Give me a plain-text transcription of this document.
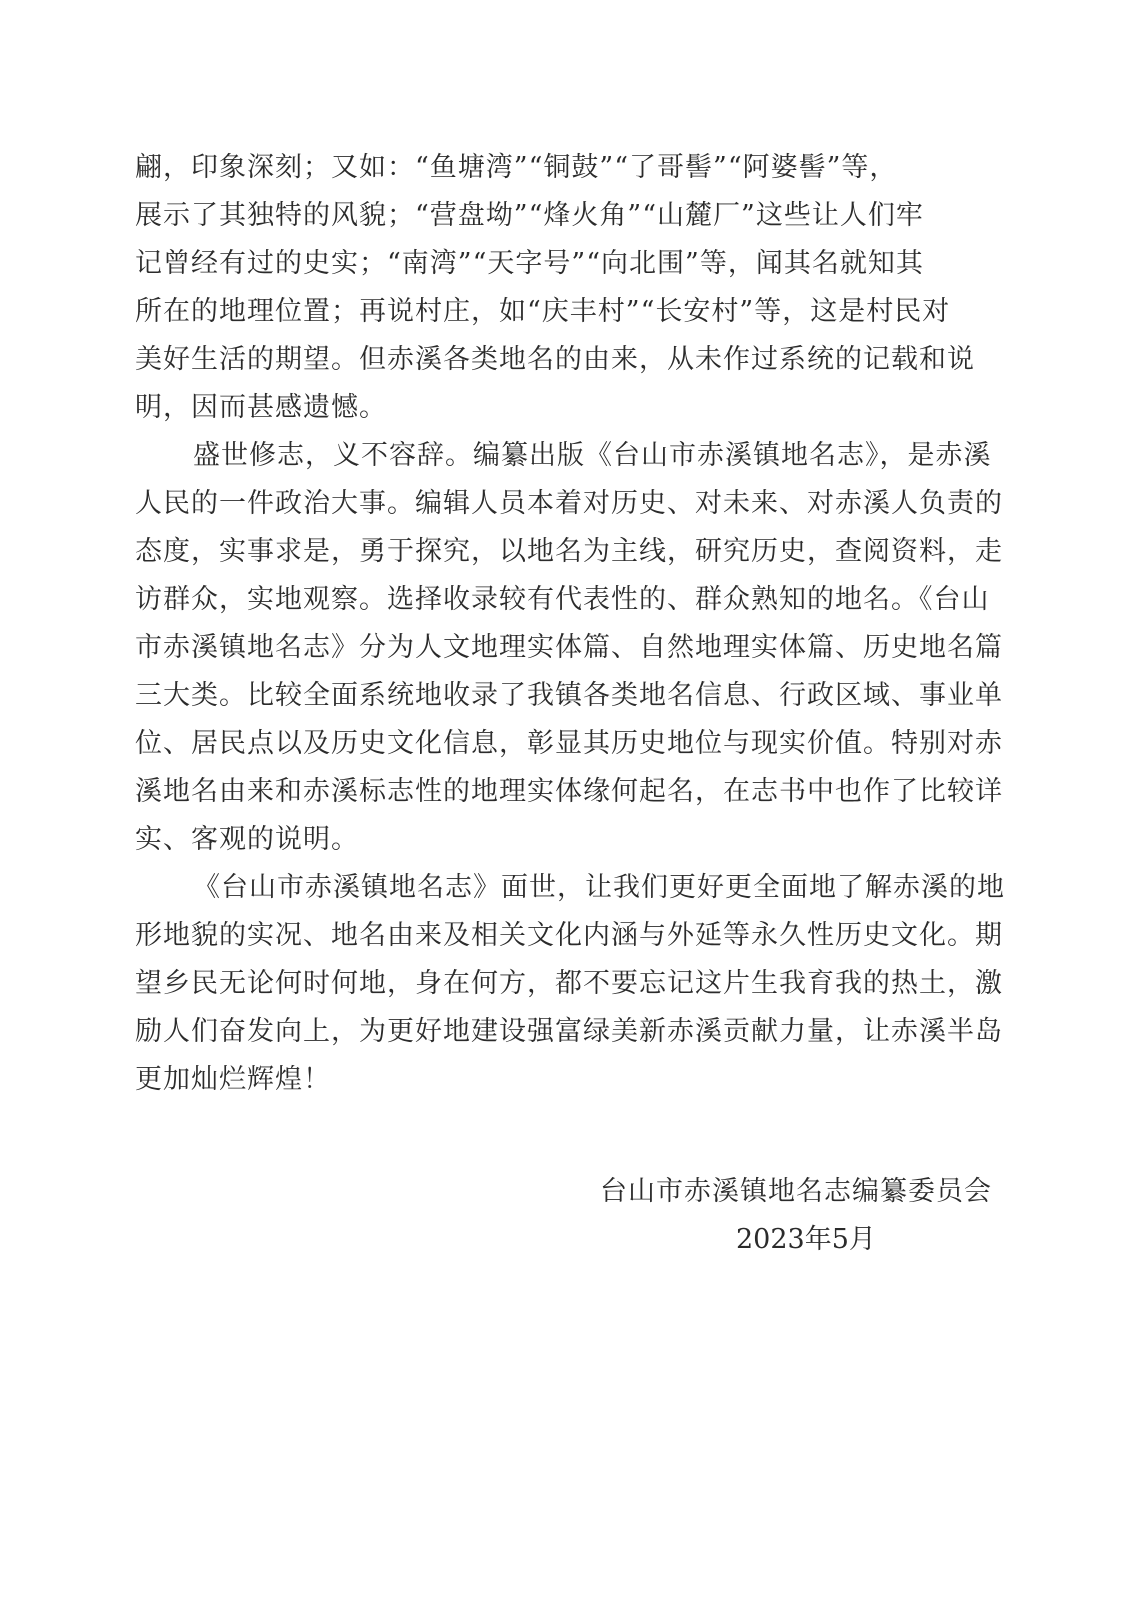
翩，印象深刻；又如：“鱼塘湾”“铜鼓”“了哥髻”“阿婆髻”等，
展示了其独特的风貌；“营盘坳”“烽火角”“山麓厂”这些让人们牢
记曾经有过的史实；“南湾”“天字号”“向北围”等，闻其名就知其
所在的地理位置；再说村庄，如“庆丰村”“长安村”等，这是村民对
美好生活的期望。但赤溪各类地名的由来，从未作过系统的记载和说
明，因而甚感遗憾。
盛世修志，义不容辞。编纂出版《台山市赤溪镇地名志》，是赤溪
人民的一件政治大事。编辑人员本着对历史、对未来、对赤溪人负责的
态度，实事求是，勇于探究，以地名为主线，研究历史，查阅资料，走
访群众，实地观察。选择收录较有代表性的、群众熟知的地名。《台山
市赤溪镇地名志》分为人文地理实体篇、自然地理实体篇、历史地名篇
三大类。比较全面系统地收录了我镇各类地名信息、行政区域、事业单
位、居民点以及历史文化信息，彰显其历史地位与现实价值。特别对赤
溪地名由来和赤溪标志性的地理实体缘何起名，在志书中也作了比较详
实、客观的说明。
《台山市赤溪镇地名志》面世，让我们更好更全面地了解赤溪的地
形地貌的实况、地名由来及相关文化内涵与外延等永久性历史文化。期
望乡民无论何时何地，身在何方，都不要忘记这片生我育我的热土，激
励人们奋发向上，为更好地建设强富绿美新赤溪贡献力量，让赤溪半岛
更加灿烂辉煌！
台山市赤溪镇地名志编纂委员会
2023年5月
